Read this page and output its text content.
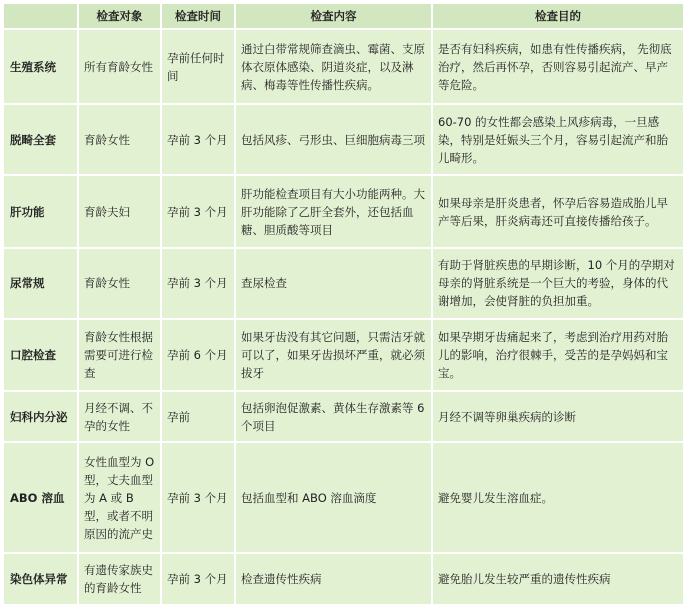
	检查对象	检查时间	检查内容	检查目的
生殖系统	所有育龄女性	孕前任何时间	通过白带常规筛查滴虫、霉菌、支原体衣原体感染、阴道炎症，以及淋病、梅毒等性传播性疾病。	是否有妇科疾病，如患有性传播疾病， 先彻底治疗，然后再怀孕，否则容易引起流产、早产等危险。
脱畸全套	育龄女性	孕前 3 个月	包括风疹、弓形虫、巨细胞病毒三项	60-70 的女性都会感染上风疹病毒，一旦感染，特别是妊娠头三个月，容易引起流产和胎儿畸形。
肝功能	育龄夫妇	孕前 3 个月	肝功能检查项目有大小功能两种。大肝功能除了乙肝全套外，还包括血糖、胆质酸等项目	如果母亲是肝炎患者，怀孕后容易造成胎儿早产等后果，肝炎病毒还可直接传播给孩子。
尿常规	育龄女性	孕前 3 个月	查尿检查	有助于肾脏疾患的早期诊断，10 个月的孕期对母亲的肾脏系统是一个巨大的考验，身体的代谢增加，会使肾脏的负担加重。
口腔检查	育龄女性根据需要可进行检查	孕前 6 个月	如果牙齿没有其它问题，只需洁牙就可以了，如果牙齿损坏严重，就必须拔牙	如果孕期牙齿痛起来了，考虑到治疗用药对胎儿的影响，治疗很棘手，受苦的是孕妈妈和宝宝。
妇科内分泌	月经不调、不孕的女性	孕前	包括卵泡促激素、黄体生存激素等 6 个项目	月经不调等卵巢疾病的诊断
ABO 溶血	女性血型为 O 型，丈夫血型为 A 或 B 型，或者不明原因的流产史	孕前 3 个月	包括血型和 ABO 溶血滴度	避免婴儿发生溶血症。
染色体异常	有遗传家族史的育龄女性	孕前 3 个月	检查遗传性疾病	避免胎儿发生较严重的遗传性疾病
